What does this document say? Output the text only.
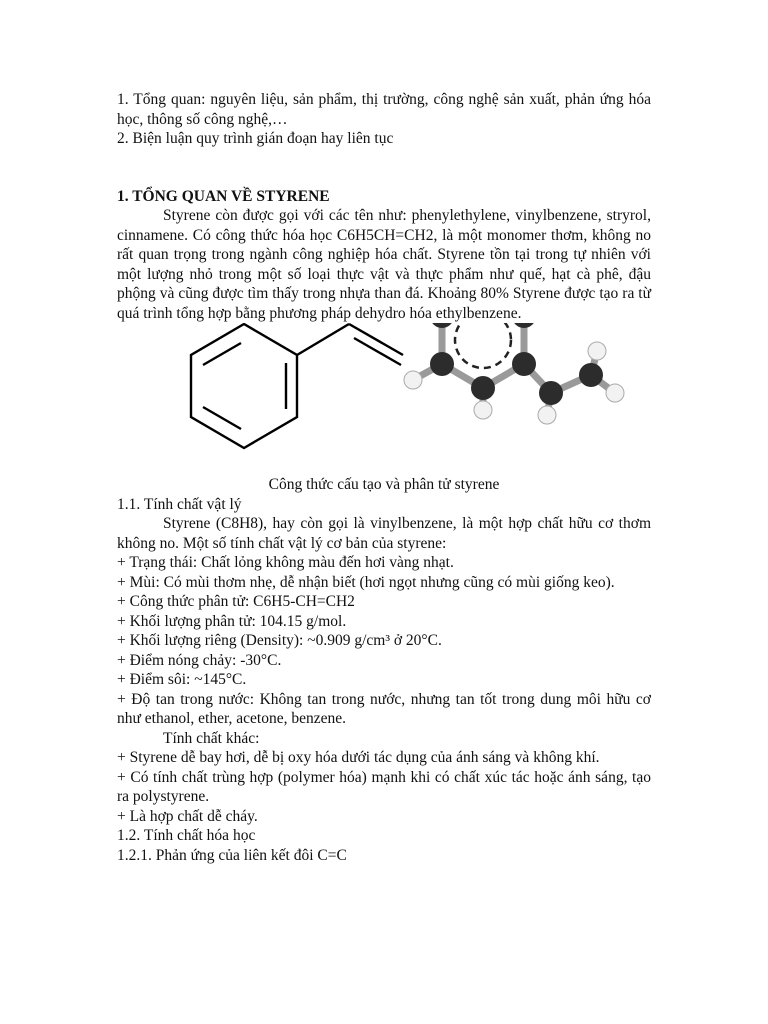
1. Tổng quan: nguyên liệu, sản phẩm, thị trường, công nghệ sản xuất, phản ứng hóa học, thông số công nghệ,…

2. Biện luận quy trình gián đoạn hay liên tục

1. TỔNG QUAN VỀ STYRENE

Styrene còn được gọi với các tên như: phenylethylene, vinylbenzene, stryrol, cinnamene. Có công thức hóa học C6H5CH=CH2, là một monomer thơm, không no rất quan trọng trong ngành công nghiệp hóa chất. Styrene tồn tại trong tự nhiên với một lượng nhỏ trong một số loại thực vật và thực phẩm như quế, hạt cà phê, đậu phộng và cũng được tìm thấy trong nhựa than đá. Khoảng 80% Styrene được tạo ra từ quá trình tổng hợp bằng phương pháp dehydro hóa ethylbenzene.

Công thức cấu tạo và phân tử styrene

1.1. Tính chất vật lý

Styrene (C8H8), hay còn gọi là vinylbenzene, là một hợp chất hữu cơ thơm không no. Một số tính chất vật lý cơ bản của styrene:

+ Trạng thái: Chất lỏng không màu đến hơi vàng nhạt.

+ Mùi: Có mùi thơm nhẹ, dễ nhận biết (hơi ngọt nhưng cũng có mùi giống keo).

+ Công thức phân tử: C6H5-CH=CH2

+ Khối lượng phân tử: 104.15 g/mol.

+ Khối lượng riêng (Density): ~0.909 g/cm³ ở 20°C.

+ Điểm nóng chảy: -30°C.

+ Điểm sôi: ~145°C.

+ Độ tan trong nước: Không tan trong nước, nhưng tan tốt trong dung môi hữu cơ như ethanol, ether, acetone, benzene.

Tính chất khác:

+ Styrene dễ bay hơi, dễ bị oxy hóa dưới tác dụng của ánh sáng và không khí.

+ Có tính chất trùng hợp (polymer hóa) mạnh khi có chất xúc tác hoặc ánh sáng, tạo ra polystyrene.

+ Là hợp chất dễ cháy.

1.2. Tính chất hóa học

1.2.1. Phản ứng của liên kết đôi C=C
